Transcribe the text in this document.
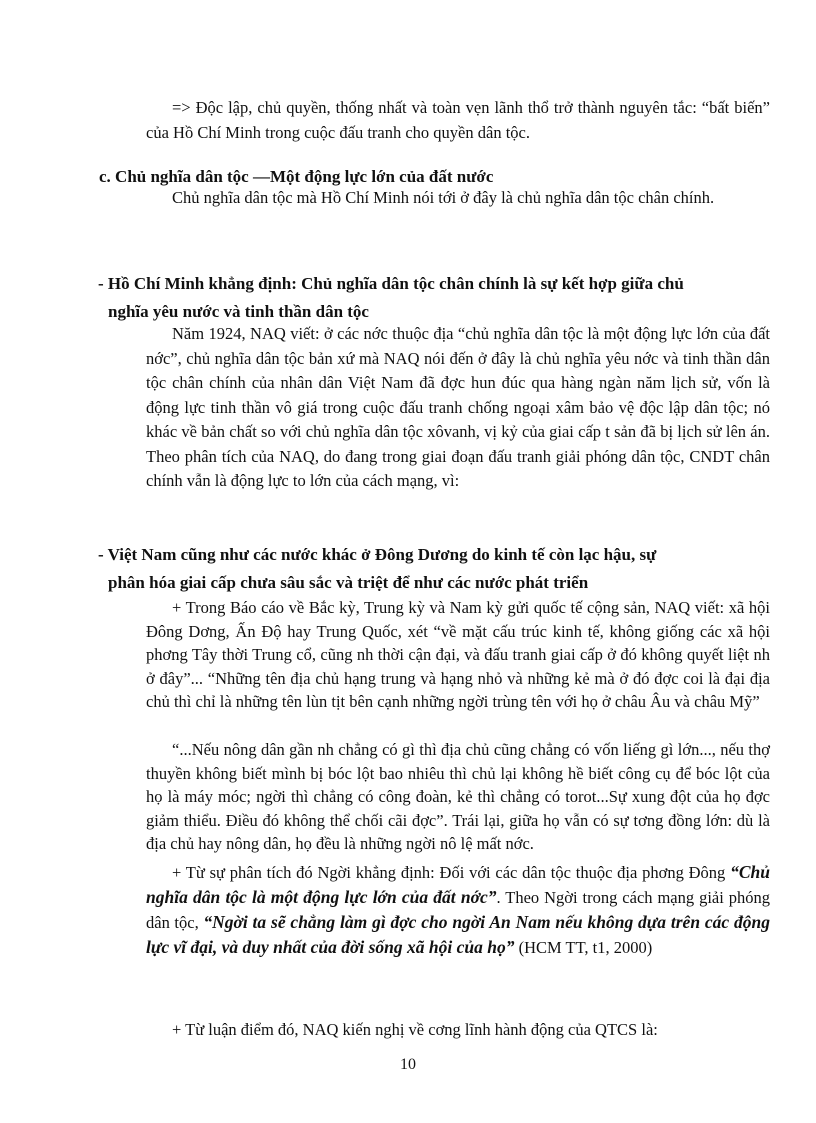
=> Độc lập, chủ quyền, thống nhất và toàn vẹn lãnh thổ trở thành nguyên tắc: “bất biến” của Hồ Chí Minh trong cuộc đấu tranh cho quyền dân tộc.

c. Chủ nghĩa dân tộc —Một động lực lớn của đất nước

Chủ nghĩa dân tộc mà Hồ Chí Minh nói tới ở đây là chủ nghĩa dân tộc chân chính.

- Hồ Chí Minh khẳng định: Chủ nghĩa dân tộc chân chính là sự kết hợp giữa chủ
nghĩa yêu nước và tinh thần dân tộc

Năm 1924, NAQ viết: ở các nớc thuộc địa “chủ nghĩa dân tộc là một động lực lớn của đất nớc”, chủ nghĩa dân tộc bản xứ mà NAQ nói đến ở đây là chủ nghĩa yêu nớc và tinh thần dân tộc chân chính của nhân dân Việt Nam đã đợc hun đúc qua hàng ngàn năm lịch sử, vốn là động lực tinh thần vô giá trong cuộc đấu tranh chống ngoại xâm bảo vệ độc lập dân tộc; nó khác về bản chất so với chủ nghĩa dân tộc xôvanh, vị kỷ của giai cấp t sản đã bị lịch sử lên án. Theo phân tích của NAQ, do đang trong giai đoạn đấu tranh giải phóng dân tộc, CNDT chân chính vẫn là động lực to lớn của cách mạng, vì:

- Việt Nam cũng như các nước khác ở Đông Dương do kinh tế còn lạc hậu, sự
phân hóa giai cấp chưa sâu sắc và triệt để như các nước phát triển

+ Trong Báo cáo về Bắc kỳ, Trung kỳ và Nam kỳ gửi quốc tế cộng sản, NAQ viết: xã hội Đông Dơng, Ấn Độ hay Trung Quốc, xét “về mặt cấu trúc kinh tế, không giống các xã hội phơng Tây thời Trung cổ, cũng nh thời cận đại, và đấu tranh giai cấp ở đó không quyết liệt nh ở đây”... “Những tên địa chủ hạng trung và hạng nhỏ và những kẻ mà ở đó đợc coi là đại địa chủ thì chỉ là những tên lùn tịt bên cạnh những ngời trùng tên với họ ở châu Âu và châu Mỹ”

“...Nếu nông dân gần nh chẳng có gì thì địa chủ cũng chẳng có vốn liếng gì lớn..., nếu thợ thuyền không biết mình bị bóc lột bao nhiêu thì chủ lại không hề biết công cụ để bóc lột của họ là máy móc; ngời thì chẳng có công đoàn, kẻ thì chẳng có torot...Sự xung đột của họ đợc giảm thiểu. Điều đó không thể chối cãi đợc”. Trái lại, giữa họ vẫn có sự tơng đồng lớn: dù là địa chủ hay nông dân, họ đều là những ngời nô lệ mất nớc.

+ Từ sự phân tích đó Ngời khẳng định: Đối với các dân tộc thuộc địa phơng Đông “Chủ nghĩa dân tộc là một động lực lớn của đất nớc”. Theo Ngời trong cách mạng giải phóng dân tộc, “Ngời ta sẽ chẳng làm gì đợc cho ngời An Nam nếu không dựa trên các động lực vĩ đại, và duy nhất của đời sống xã hội của họ” (HCM TT, t1, 2000)

+ Từ luận điểm đó, NAQ kiến nghị về cơng lĩnh hành động của QTCS là:

10
